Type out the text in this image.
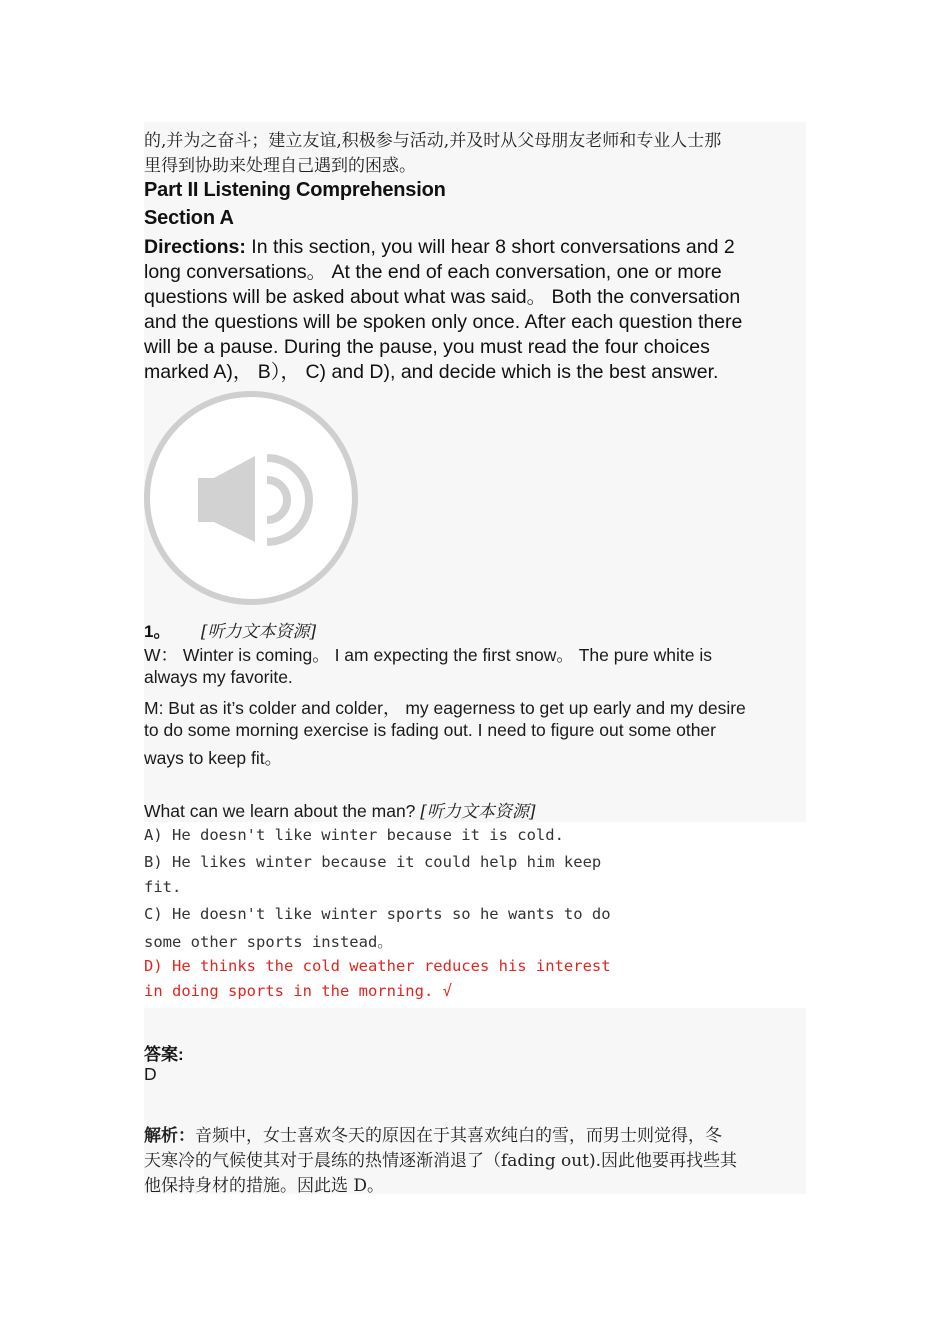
的,并为之奋斗；建立友谊,积极参与活动,并及时从父母朋友老师和专业人士那
里得到协助来处理自己遇到的困惑。
Part II Listening Comprehension
Section A
Directions: In this section, you will hear 8 short conversations and 2
long conversations。 At the end of each conversation, one or more
questions will be asked about what was said。 Both the conversation
and the questions will be spoken only once. After each question there
will be a pause. During the pause, you must read the four choices
marked A)， B）， C) and D), and decide which is the best answer.
1。 [听力文本资源]
W： Winter is coming。 I am expecting the first snow。 The pure white is
always my favorite.
M: But as it’s colder and colder， my eagerness to get up early and my desire
to do some morning exercise is fading out. I need to figure out some other
ways to keep fit。
What can we learn about the man? [听力文本资源]
A) He doesn't like winter because it is cold.
B) He likes winter because it could help him keep
fit.
C) He doesn't like winter sports so he wants to do
some other sports instead。
D) He thinks the cold weather reduces his interest
in doing sports in the morning. √
答案:
D
解析：音频中，女士喜欢冬天的原因在于其喜欢纯白的雪，而男士则觉得，冬
天寒冷的气候使其对于晨练的热情逐渐消退了（fading out).因此他要再找些其
他保持身材的措施。因此选 D。
